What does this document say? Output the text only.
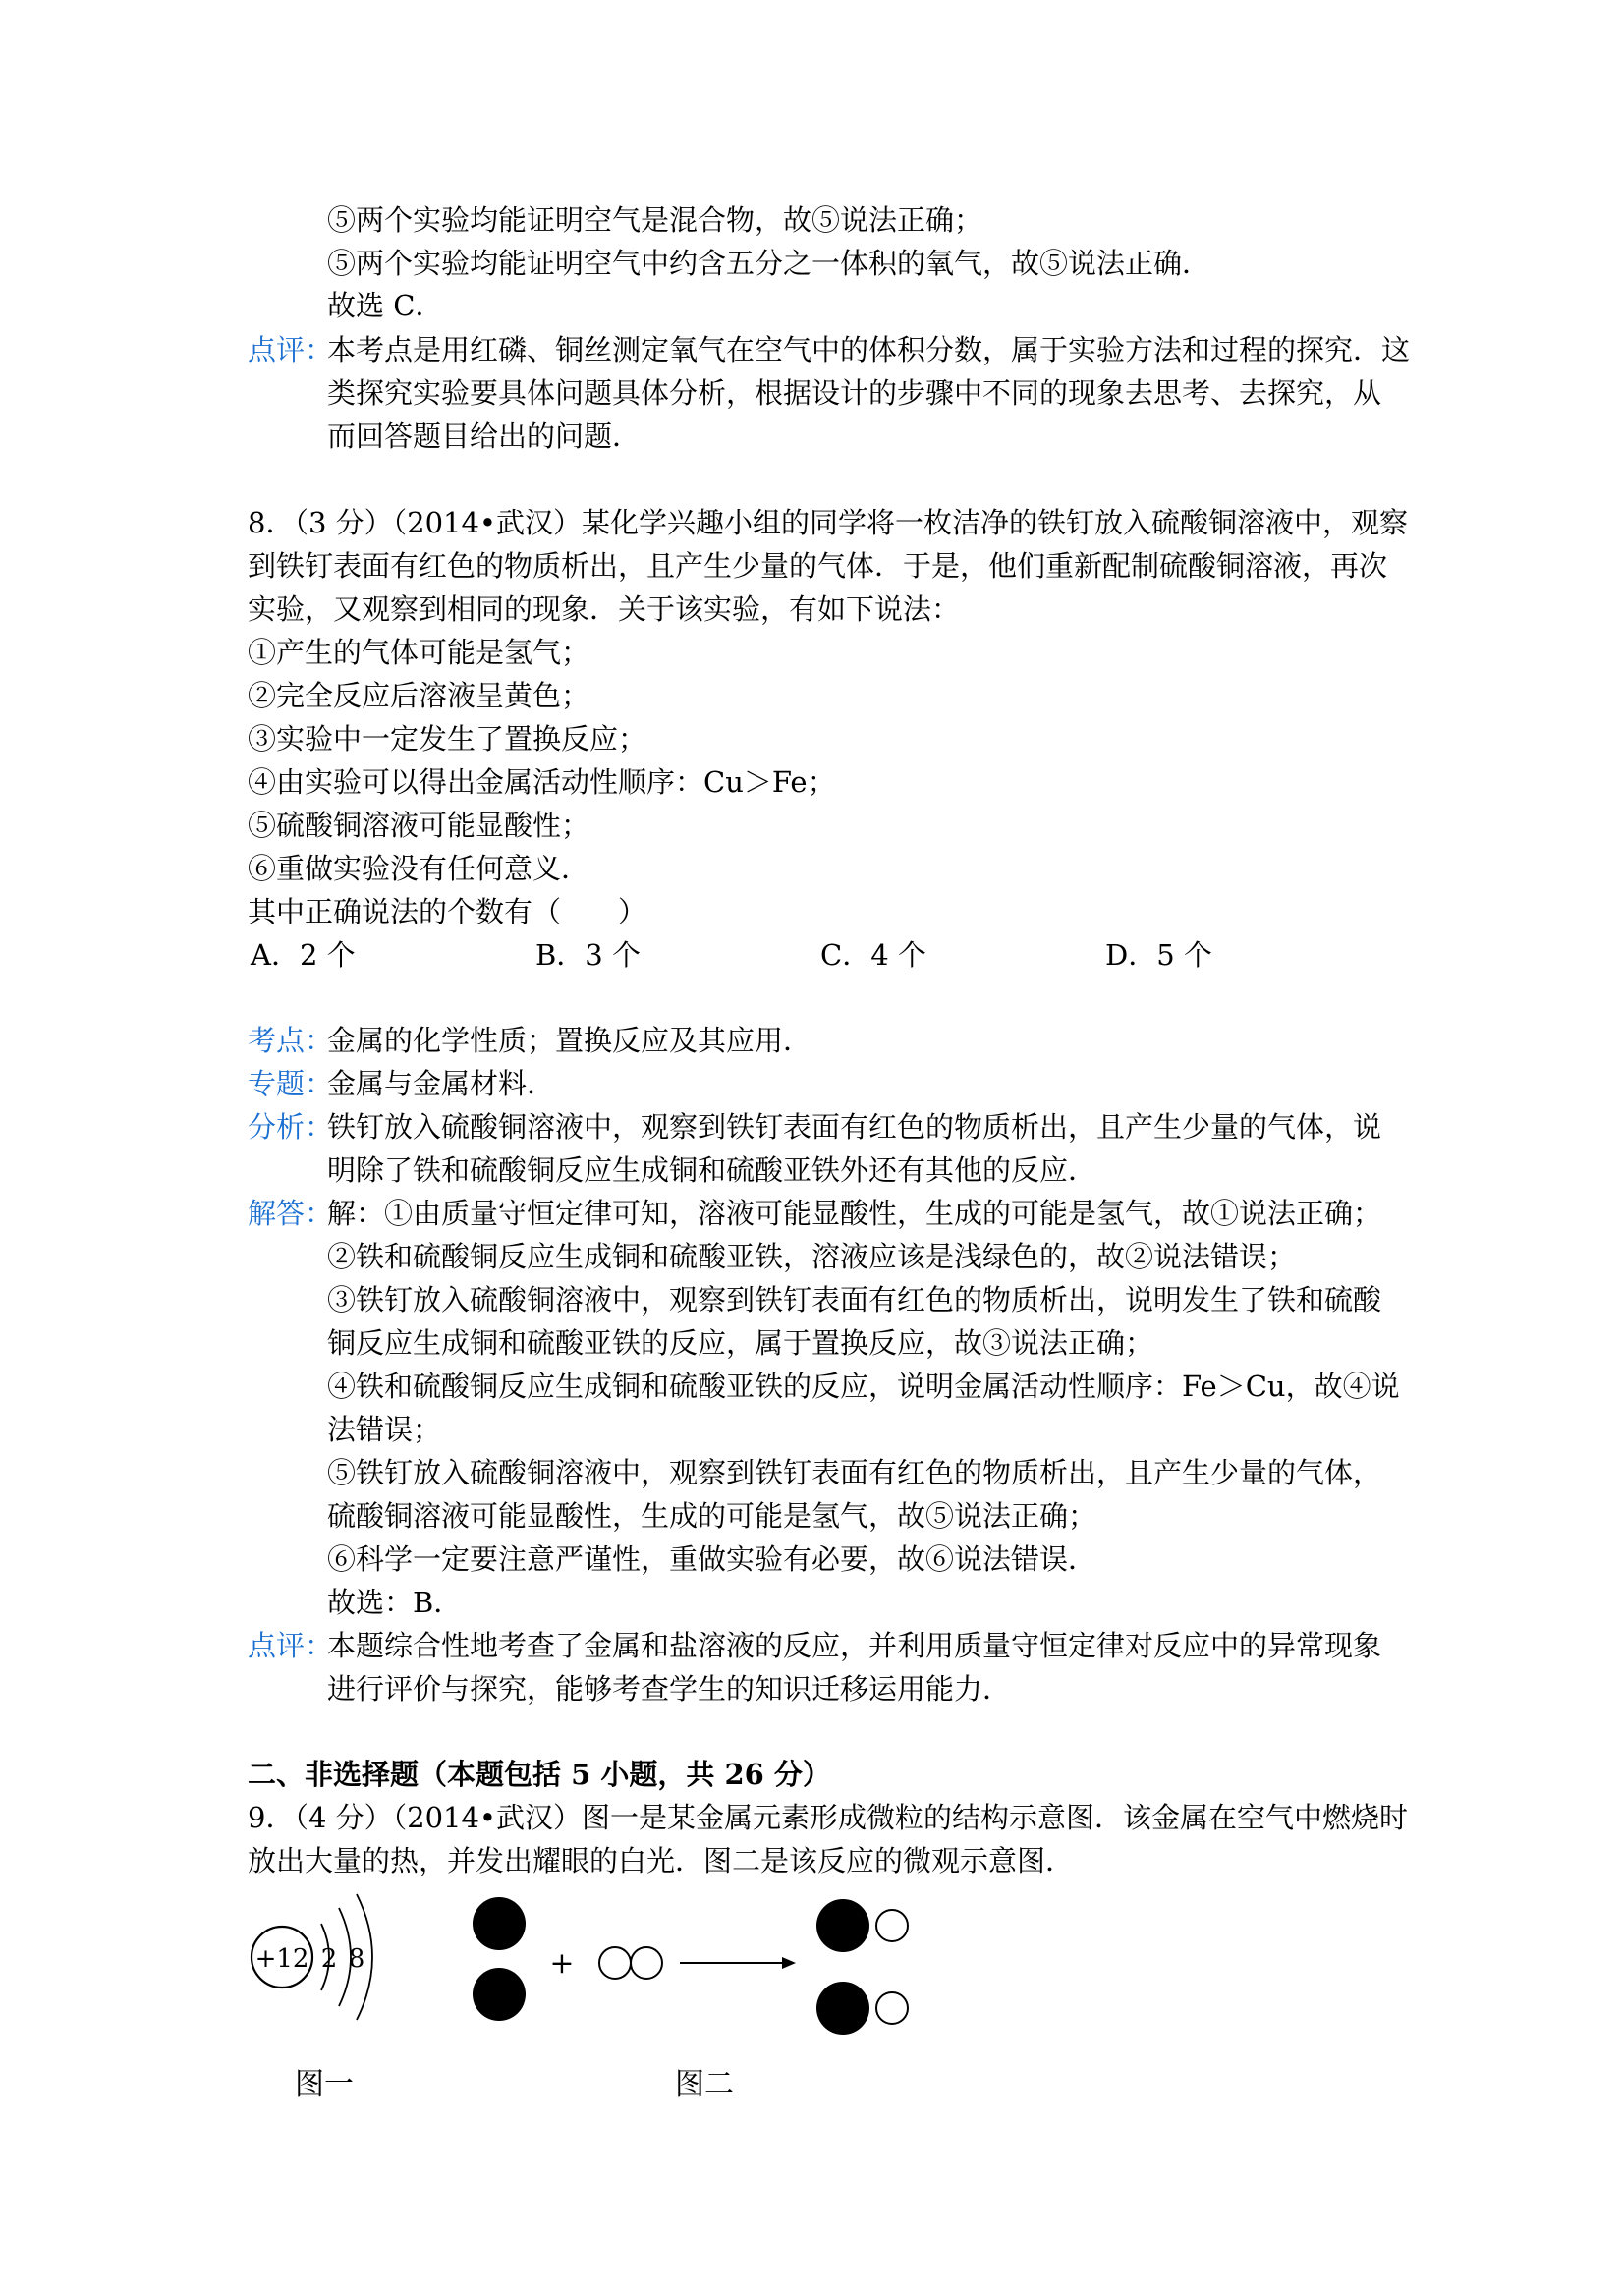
⑤两个实验均能证明空气是混合物，故⑤说法正确；
⑤两个实验均能证明空气中约含五分之一体积的氧气，故⑤说法正确．
故选 C．
点评：
本考点是用红磷、铜丝测定氧气在空气中的体积分数，属于实验方法和过程的探究．这
类探究实验要具体问题具体分析，根据设计的步骤中不同的现象去思考、去探究，从
而回答题目给出的问题．
8．（3 分）（2014•武汉）某化学兴趣小组的同学将一枚洁净的铁钉放入硫酸铜溶液中，观察
到铁钉表面有红色的物质析出，且产生少量的气体．于是，他们重新配制硫酸铜溶液，再次
实验，又观察到相同的现象．关于该实验，有如下说法：
①产生的气体可能是氢气；
②完全反应后溶液呈黄色；
③实验中一定发生了置换反应；
④由实验可以得出金属活动性顺序：Cu＞Fe；
⑤硫酸铜溶液可能显酸性；
⑥重做实验没有任何意义．
其中正确说法的个数有（　　）
A．2 个	B．3 个	C．4 个	D．5 个
考点：
金属的化学性质；置换反应及其应用．
专题：
金属与金属材料．
分析：
铁钉放入硫酸铜溶液中，观察到铁钉表面有红色的物质析出，且产生少量的气体，说
明除了铁和硫酸铜反应生成铜和硫酸亚铁外还有其他的反应．
解答：
解：①由质量守恒定律可知，溶液可能显酸性，生成的可能是氢气，故①说法正确；
②铁和硫酸铜反应生成铜和硫酸亚铁，溶液应该是浅绿色的，故②说法错误；
③铁钉放入硫酸铜溶液中，观察到铁钉表面有红色的物质析出，说明发生了铁和硫酸
铜反应生成铜和硫酸亚铁的反应，属于置换反应，故③说法正确；
④铁和硫酸铜反应生成铜和硫酸亚铁的反应，说明金属活动性顺序：Fe＞Cu，故④说
法错误；
⑤铁钉放入硫酸铜溶液中，观察到铁钉表面有红色的物质析出，且产生少量的气体，
硫酸铜溶液可能显酸性，生成的可能是氢气，故⑤说法正确；
⑥科学一定要注意严谨性，重做实验有必要，故⑥说法错误．
故选：B．
点评：
本题综合性地考查了金属和盐溶液的反应，并利用质量守恒定律对反应中的异常现象
进行评价与探究，能够考查学生的知识迁移运用能力．
二、非选择题（本题包括 5 小题，共 26 分）
9．（4 分）（2014•武汉）图一是某金属元素形成微粒的结构示意图．该金属在空气中燃烧时
放出大量的热，并发出耀眼的白光．图二是该反应的微观示意图．
+12 2 8
图一
+
图二
